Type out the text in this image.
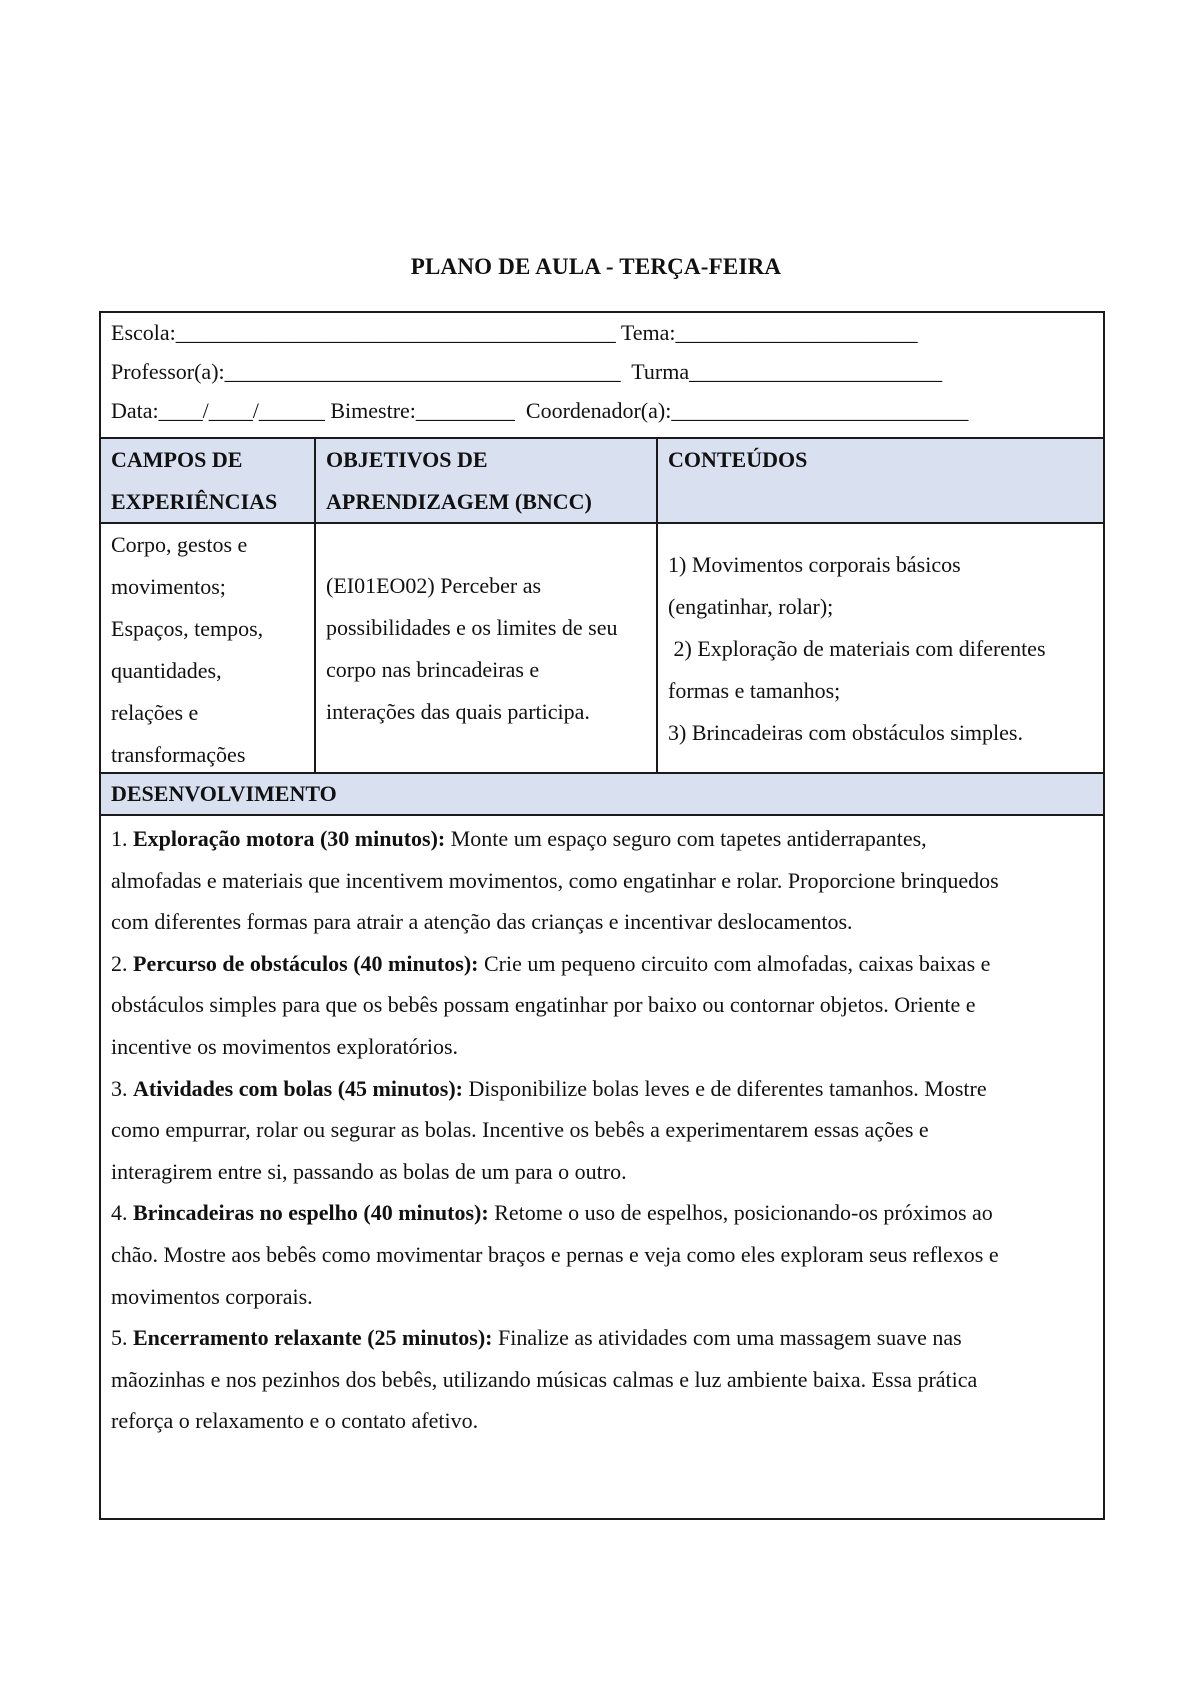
PLANO DE AULA - TERÇA-FEIRA
Escola:________________________________________ Tema:______________________
Professor(a):____________________________________ Turma_______________________
Data:____/____/______ Bimestre:_________ Coordenador(a):___________________________
CAMPOS DE
EXPERIÊNCIAS
OBJETIVOS DE
APRENDIZAGEM (BNCC)
CONTEÚDOS
Corpo, gestos e
movimentos;
Espaços, tempos,
quantidades,
relações e
transformações
(EI01EO02) Perceber as
possibilidades e os limites de seu
corpo nas brincadeiras e
interações das quais participa.
1) Movimentos corporais básicos
(engatinhar, rolar);
2) Exploração de materiais com diferentes
formas e tamanhos;
3) Brincadeiras com obstáculos simples.
DESENVOLVIMENTO

1. Exploração motora (30 minutos): Monte um espaço seguro com tapetes antiderrapantes,

almofadas e materiais que incentivem movimentos, como engatinhar e rolar. Proporcione brinquedos

com diferentes formas para atrair a atenção das crianças e incentivar deslocamentos.

2. Percurso de obstáculos (40 minutos): Crie um pequeno circuito com almofadas, caixas baixas e

obstáculos simples para que os bebês possam engatinhar por baixo ou contornar objetos. Oriente e

incentive os movimentos exploratórios.

3. Atividades com bolas (45 minutos): Disponibilize bolas leves e de diferentes tamanhos. Mostre

como empurrar, rolar ou segurar as bolas. Incentive os bebês a experimentarem essas ações e

interagirem entre si, passando as bolas de um para o outro.

4. Brincadeiras no espelho (40 minutos): Retome o uso de espelhos, posicionando-os próximos ao

chão. Mostre aos bebês como movimentar braços e pernas e veja como eles exploram seus reflexos e

movimentos corporais.

5. Encerramento relaxante (25 minutos): Finalize as atividades com uma massagem suave nas

mãozinhas e nos pezinhos dos bebês, utilizando músicas calmas e luz ambiente baixa. Essa prática

reforça o relaxamento e o contato afetivo.
